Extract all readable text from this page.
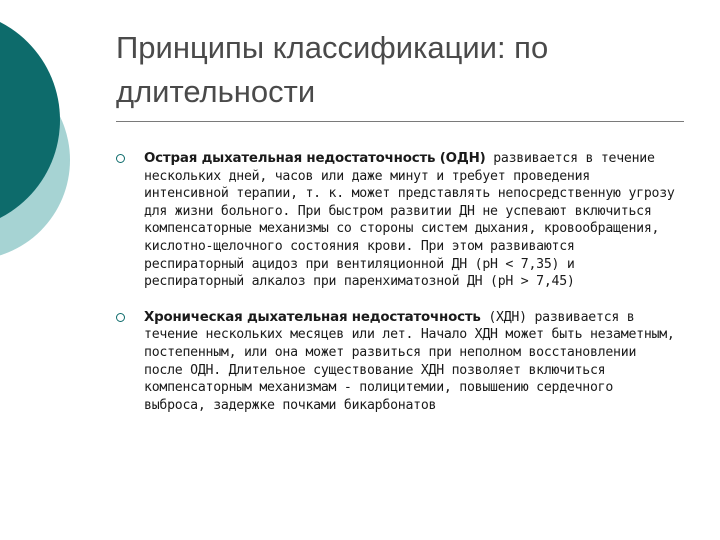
Принципы классификации: по длительности
Острая дыхательная недостаточность (ОДН) развивается в течение нескольких дней, часов или даже минут и требует проведения интенсивной терапии, т. к. может представлять непосредственную угрозу для жизни больного. При быстром развитии ДН не успевают включиться компенсаторные механизмы со стороны систем дыхания, кровообращения, кислотно-щелочного состояния крови. При этом развиваются респираторный ацидоз при вентиляционной ДН (рН < 7,35) и респираторный алкалоз при паренхиматозной ДН (рН > 7,45)
Хроническая дыхательная недостаточность (ХДН) развивается в течение нескольких месяцев или лет. Начало ХДН может быть незаметным, постепенным, или она может развиться при неполном восстановлении после ОДН. Длительное существование ХДН позволяет включиться компенсаторным механизмам - полицитемии, повышению сердечного выброса, задержке почками бикарбонатов
